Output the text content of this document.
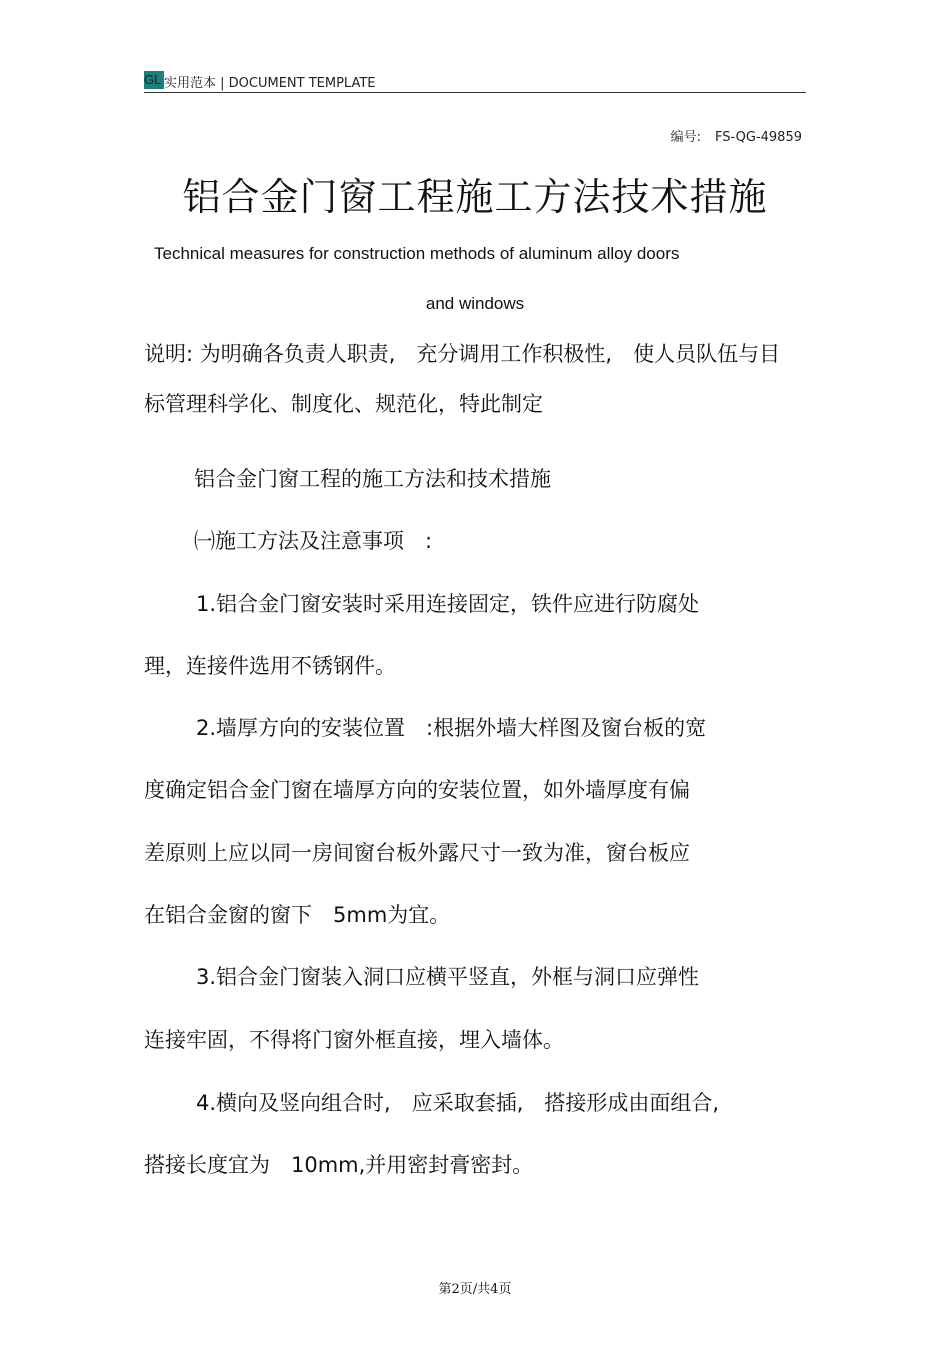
GL 实用范本 | DOCUMENT TEMPLATE
编号: FS-QG-49859
铝合金门窗工程施工方法技术措施
Technical measures for construction methods of aluminum alloy doors
and windows
说明: 为明确各负责人职责,　充分调用工作积极性,　使人员队伍与目
标管理科学化、制度化、规范化，特此制定
铝合金门窗工程的施工方法和技术措施
㈠施工方法及注意事项　:
1.铝合金门窗安装时采用连接固定，铁件应进行防腐处
理，连接件选用不锈钢件。
2.墙厚方向的安装位置　:根据外墙大样图及窗台板的宽
度确定铝合金门窗在墙厚方向的安装位置，如外墙厚度有偏
差原则上应以同一房间窗台板外露尺寸一致为准，窗台板应
在铝合金窗的窗下　5mm为宜。
3.铝合金门窗装入洞口应横平竖直，外框与洞口应弹性
连接牢固，不得将门窗外框直接，埋入墙体。
4.横向及竖向组合时,　应采取套插,　搭接形成由面组合,
搭接长度宜为　10mm,并用密封膏密封。
第2页/共4页
